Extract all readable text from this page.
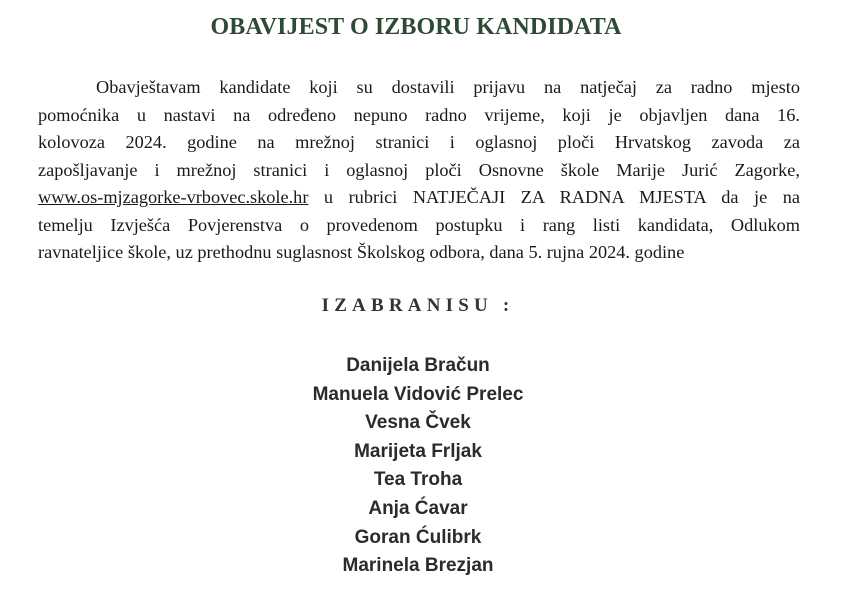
OBAVIJEST O IZBORU KANDIDATA
Obavještavam kandidate koji su dostavili prijavu na natječaj za radno mjesto
pomoćnika u nastavi na određeno nepuno radno vrijeme, koji je objavljen dana 16.
kolovoza 2024. godine na mrežnoj stranici i oglasnoj ploči Hrvatskog zavoda za
zapošljavanje i mrežnoj stranici i oglasnoj ploči Osnovne škole Marije Jurić Zagorke,
www.os-mjzagorke-vrbovec.skole.hr u rubrici NATJEČAJI ZA RADNA MJESTA da je na
temelju Izvješća Povjerenstva o provedenom postupku i rang listi kandidata, Odlukom
ravnateljice škole, uz prethodnu suglasnost Školskog odbora, dana 5. rujna 2024. godine
IZABRANISU :
Danijela Bračun
Manuela Vidović Prelec
Vesna Čvek
Marijeta Frljak
Tea Troha
Anja Ćavar
Goran Ćulibrk
Marinela Brezjan
